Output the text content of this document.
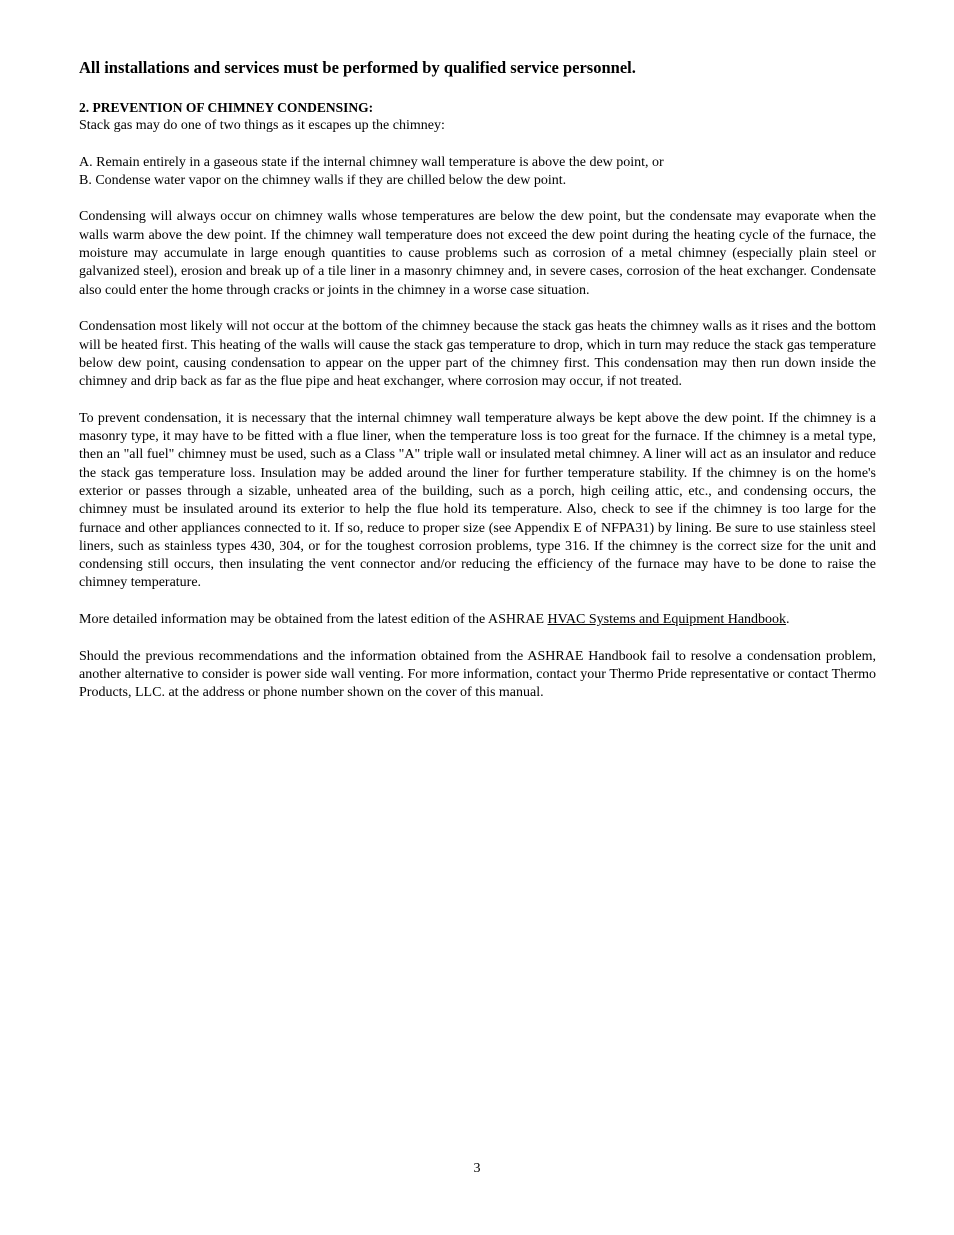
All installations and services must be performed by qualified service personnel.
2. PREVENTION OF CHIMNEY CONDENSING:

Stack gas may do one of two things as it escapes up the chimney:

A. Remain entirely in a gaseous state if the internal chimney wall temperature is above the dew point, or

B. Condense water vapor on the chimney walls if they are chilled below the dew point.

Condensing will always occur on chimney walls whose temperatures are below the dew point, but the condensate may evaporate when the walls warm above the dew point. If the chimney wall temperature does not exceed the dew point during the heating cycle of the furnace, the moisture may accumulate in large enough quantities to cause problems such as corrosion of a metal chimney (especially plain steel or galvanized steel), erosion and break up of a tile liner in a masonry chimney and, in severe cases, corrosion of the heat exchanger. Condensate also could enter the home through cracks or joints in the chimney in a worse case situation.

Condensation most likely will not occur at the bottom of the chimney because the stack gas heats the chimney walls as it rises and the bottom will be heated first. This heating of the walls will cause the stack gas temperature to drop, which in turn may reduce the stack gas temperature below dew point, causing condensation to appear on the upper part of the chimney first. This condensation may then run down inside the chimney and drip back as far as the flue pipe and heat exchanger, where corrosion may occur, if not treated.

To prevent condensation, it is necessary that the internal chimney wall temperature always be kept above the dew point. If the chimney is a masonry type, it may have to be fitted with a flue liner, when the temperature loss is too great for the furnace. If the chimney is a metal type, then an "all fuel" chimney must be used, such as a Class "A" triple wall or insulated metal chimney. A liner will act as an insulator and reduce the stack gas temperature loss. Insulation may be added around the liner for further temperature stability. If the chimney is on the home's exterior or passes through a sizable, unheated area of the building, such as a porch, high ceiling attic, etc., and condensing occurs, the chimney must be insulated around its exterior to help the flue hold its temperature. Also, check to see if the chimney is too large for the furnace and other appliances connected to it. If so, reduce to proper size (see Appendix E of NFPA31) by lining. Be sure to use stainless steel liners, such as stainless types 430, 304, or for the toughest corrosion problems, type 316. If the chimney is the correct size for the unit and condensing still occurs, then insulating the vent connector and/or reducing the efficiency of the furnace may have to be done to raise the chimney temperature.

More detailed information may be obtained from the latest edition of the ASHRAE HVAC Systems and Equipment Handbook.

Should the previous recommendations and the information obtained from the ASHRAE Handbook fail to resolve a condensation problem, another alternative to consider is power side wall venting. For more information, contact your Thermo Pride representative or contact Thermo Products, LLC. at the address or phone number shown on the cover of this manual.

3
